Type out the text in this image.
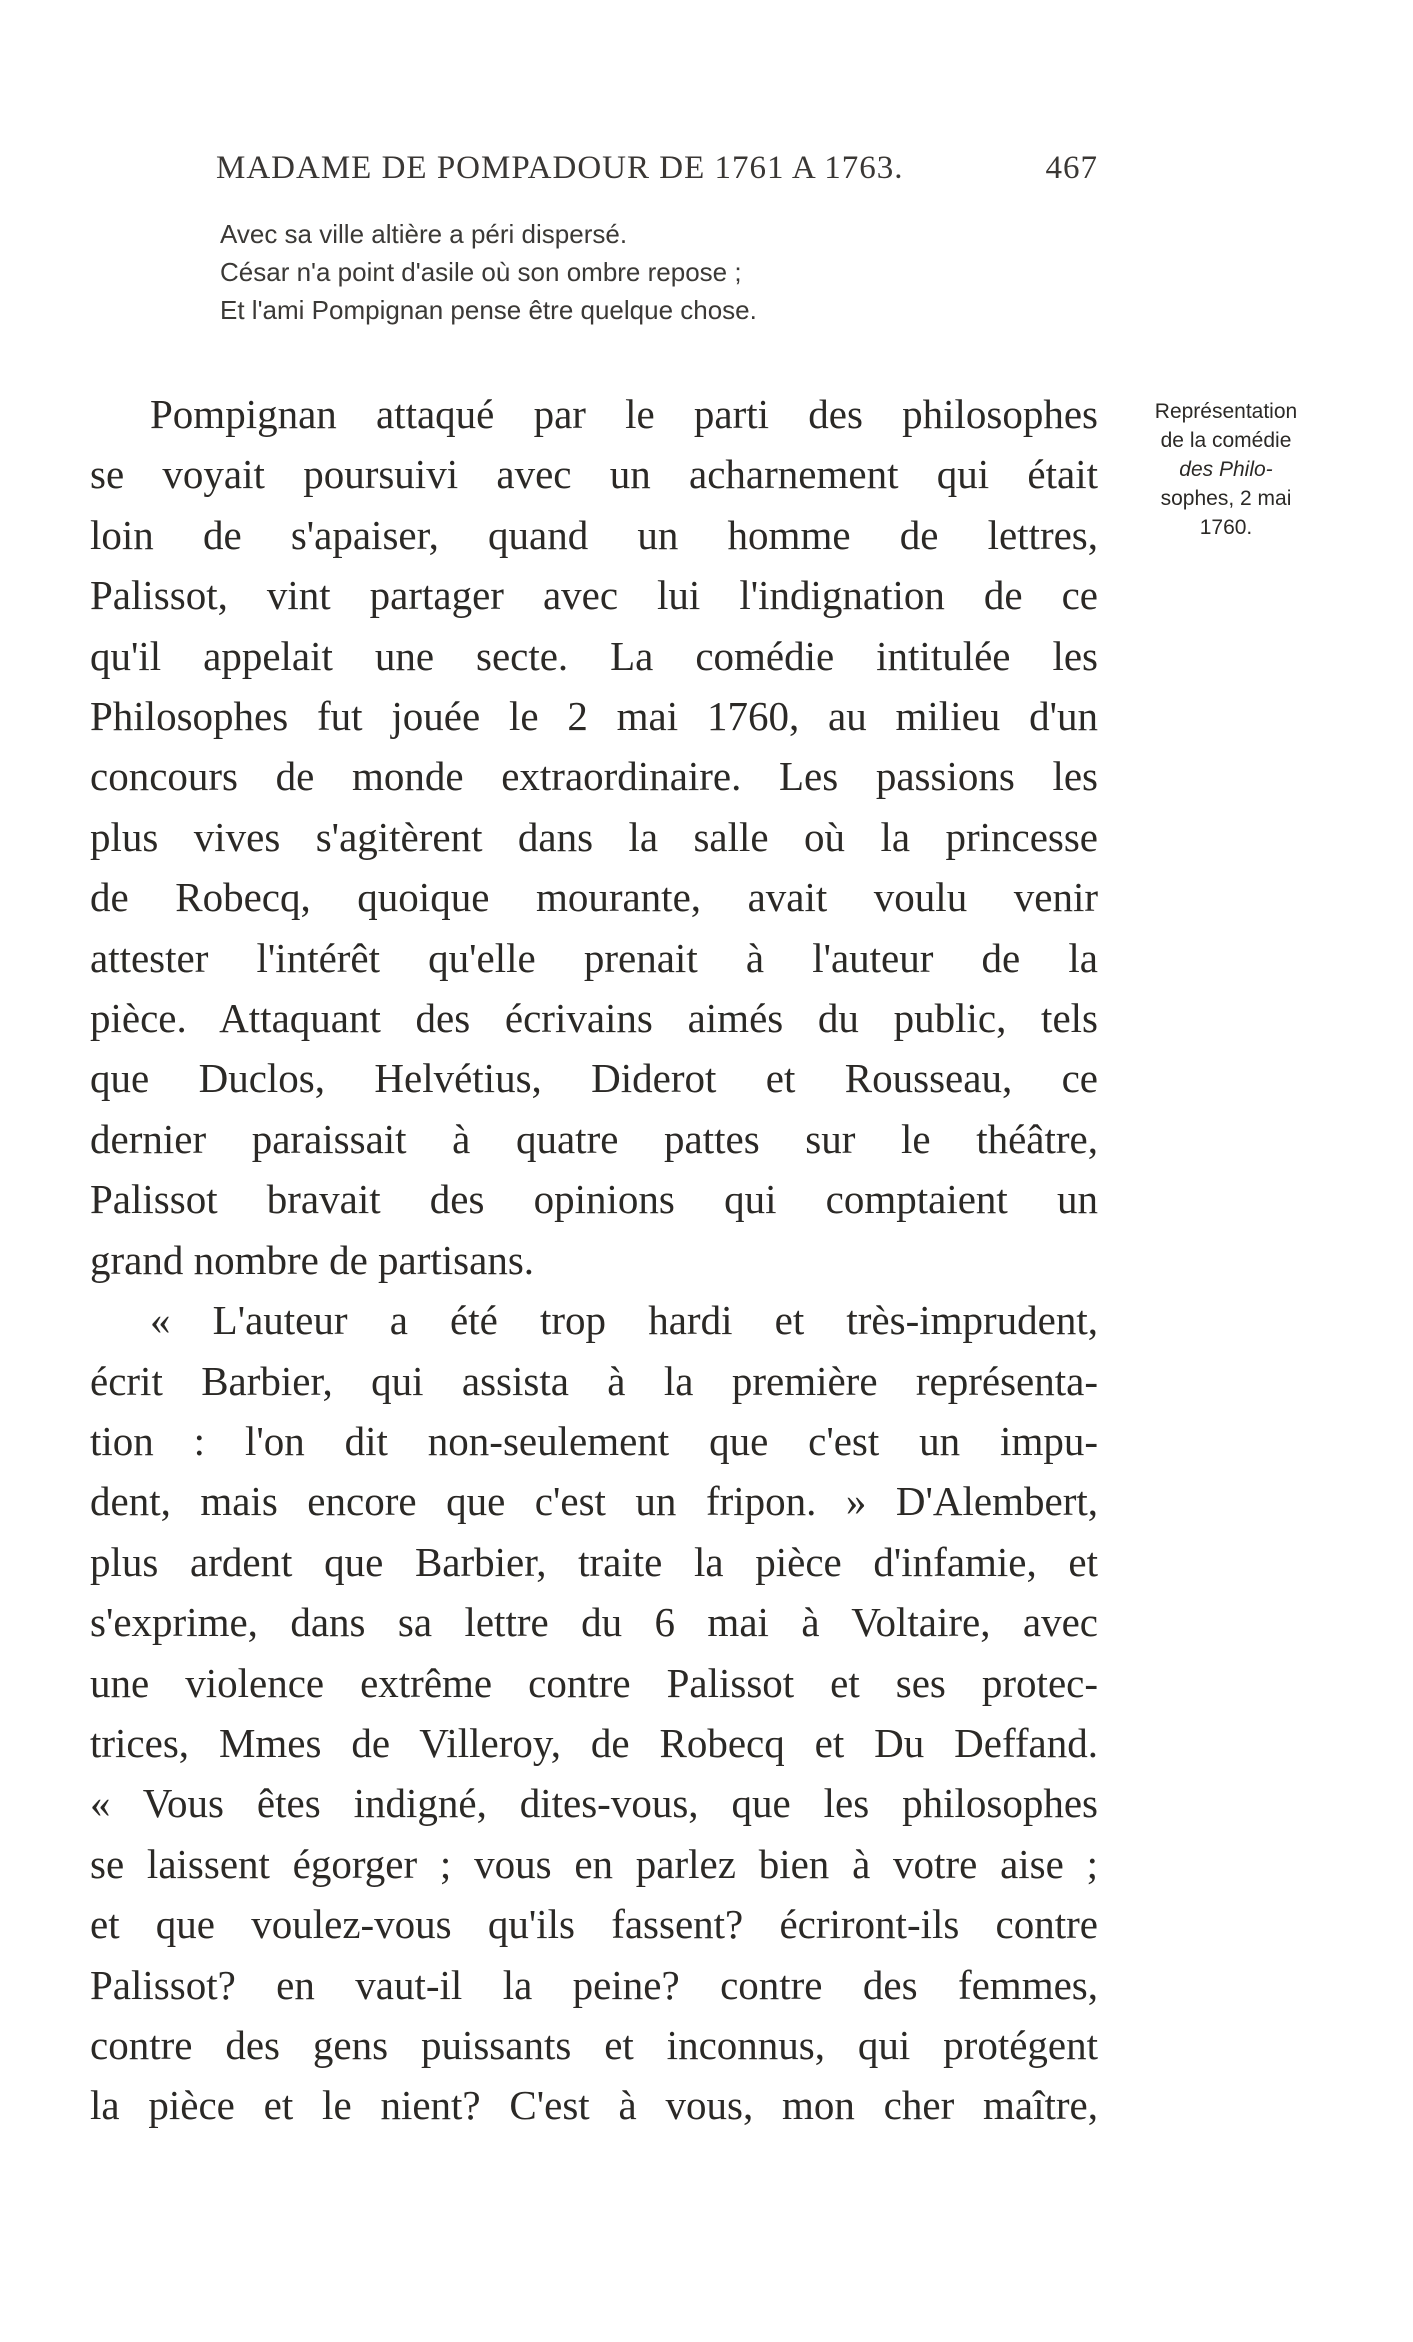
MADAME DE POMPADOUR DE 1761 A 1763.	467
Avec sa ville altière a péri dispersé.
César n'a point d'asile où son ombre repose ;
Et l'ami Pompignan pense être quelque chose.
Représentation
de la comédie
des Philo-
sophes, 2 mai
1760.
Pompignan attaqué par le parti des philosophes
se voyait poursuivi avec un acharnement qui était
loin de s'apaiser, quand un homme de lettres,
Palissot, vint partager avec lui l'indignation de ce
qu'il appelait une secte. La comédie intitulée les
Philosophes fut jouée le 2 mai 1760, au milieu d'un
concours de monde extraordinaire. Les passions les
plus vives s'agitèrent dans la salle où la princesse
de Robecq, quoique mourante, avait voulu venir
attester l'intérêt qu'elle prenait à l'auteur de la
pièce. Attaquant des écrivains aimés du public, tels
que Duclos, Helvétius, Diderot et Rousseau, ce
dernier paraissait à quatre pattes sur le théâtre,
Palissot bravait des opinions qui comptaient un
grand nombre de partisans.
« L'auteur a été trop hardi et très-imprudent,
écrit Barbier, qui assista à la première représenta-
tion : l'on dit non-seulement que c'est un impu-
dent, mais encore que c'est un fripon. » D'Alembert,
plus ardent que Barbier, traite la pièce d'infamie, et
s'exprime, dans sa lettre du 6 mai à Voltaire, avec
une violence extrême contre Palissot et ses protec-
trices, Mmes de Villeroy, de Robecq et Du Deffand.
« Vous êtes indigné, dites-vous, que les philosophes
se laissent égorger ; vous en parlez bien à votre aise ;
et que voulez-vous qu'ils fassent? écriront-ils contre
Palissot? en vaut-il la peine? contre des femmes,
contre des gens puissants et inconnus, qui protégent
la pièce et le nient? C'est à vous, mon cher maître,
